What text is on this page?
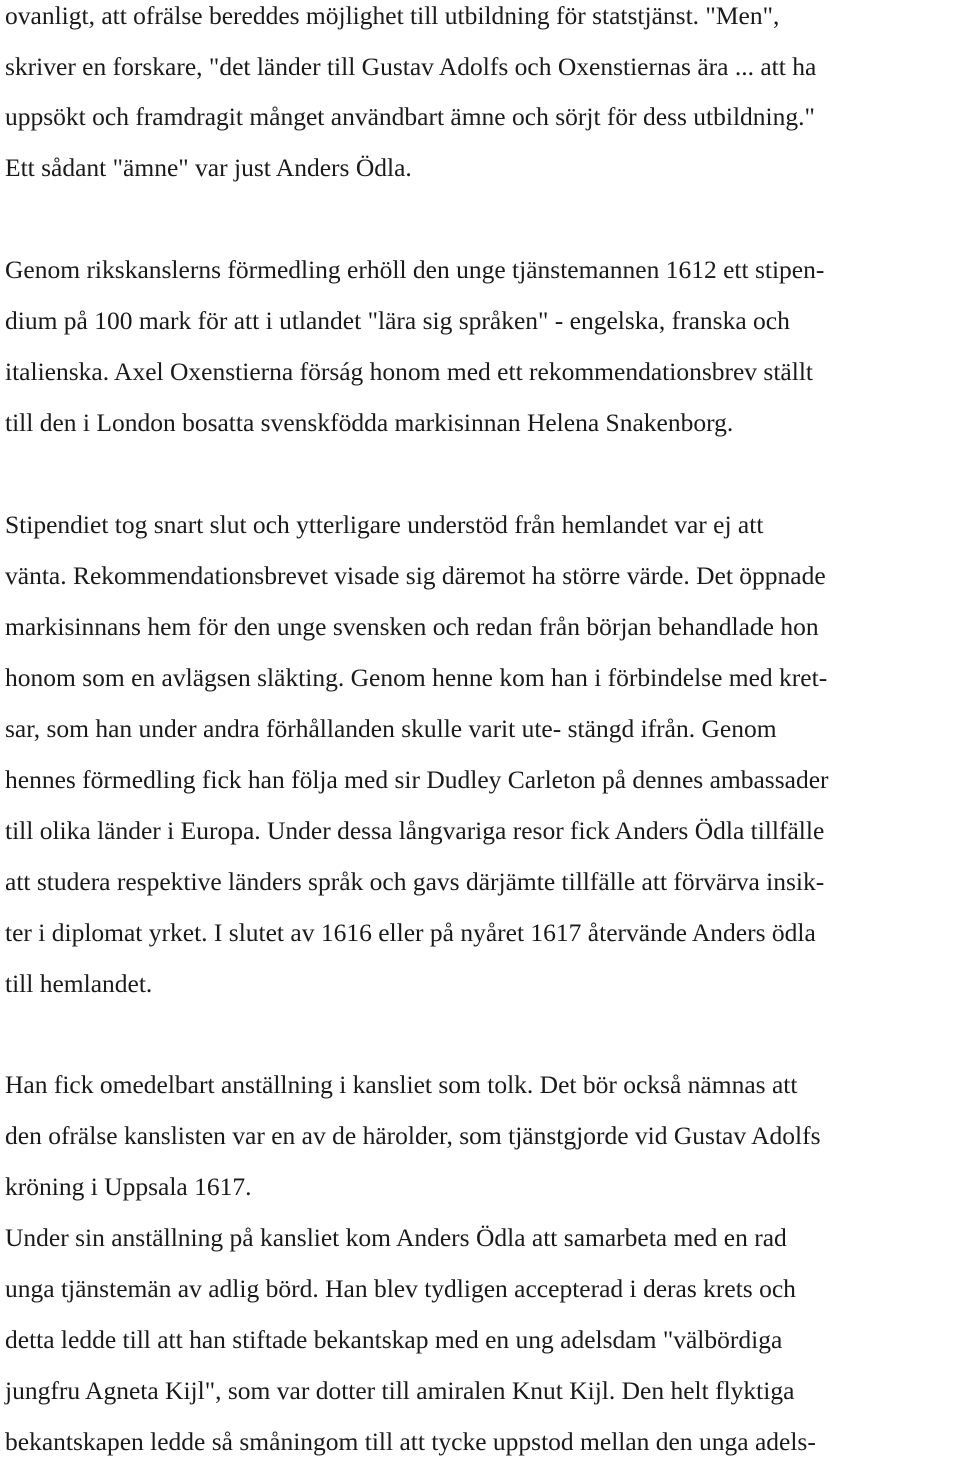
ovanligt, att ofrälse bereddes möjlighet till utbildning för statstjänst. "Men",
skriver en forskare, "det länder till Gustav Adolfs och Oxenstiernas ära ... att ha
uppsökt och framdragit månget användbart ämne och sörjt för dess utbildning."
Ett sådant "ämne" var just Anders Ödla.
Genom rikskanslerns förmedling erhöll den unge tjänstemannen 1612 ett stipen-
dium på 100 mark för att i utlandet "lära sig språken" - engelska, franska och
italienska. Axel Oxenstierna förság honom med ett rekommendationsbrev ställt
till den i London bosatta svenskfödda markisinnan Helena Snakenborg.
Stipendiet tog snart slut och ytterligare understöd från hemlandet var ej att
vänta. Rekommendationsbrevet visade sig däremot ha större värde. Det öppnade
markisinnans hem för den unge svensken och redan från början behandlade hon
honom som en avlägsen släkting. Genom henne kom han i förbindelse med kret-
sar, som han under andra förhållanden skulle varit ute- stängd ifrån. Genom
hennes förmedling fick han följa med sir Dudley Carleton på dennes ambassader
till olika länder i Europa. Under dessa långvariga resor fick Anders Ödla tillfälle
att studera respektive länders språk och gavs därjämte tillfälle att förvärva insik-
ter i diplomat yrket. I slutet av 1616 eller på nyåret 1617 återvände Anders ödla
till hemlandet.
Han fick omedelbart anställning i kansliet som tolk. Det bör också nämnas att
den ofrälse kanslisten var en av de härolder, som tjänstgjorde vid Gustav Adolfs
kröning i Uppsala 1617.
Under sin anställning på kansliet kom Anders Ödla att samarbeta med en rad
unga tjänstemän av adlig börd. Han blev tydligen accepterad i deras krets och
detta ledde till att han stiftade bekantskap med en ung adelsdam "välbördiga
jungfru Agneta Kijl", som var dotter till amiralen Knut Kijl. Den helt flyktiga
bekantskapen ledde så småningom till att tycke uppstod mellan den unga adels-
